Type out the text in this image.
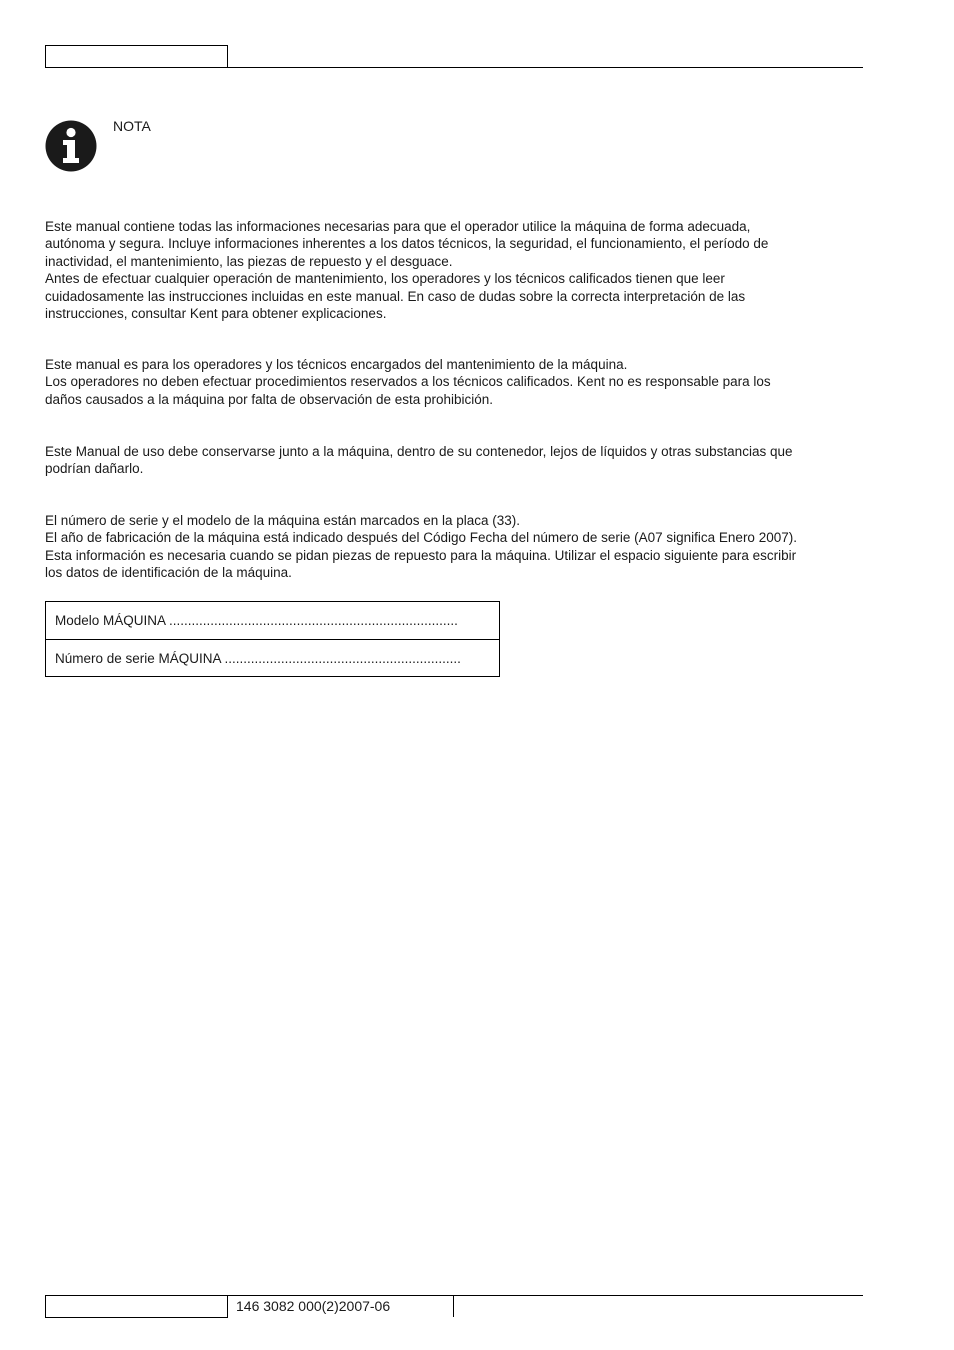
NOTA

Este manual contiene todas las informaciones necesarias para que el operador utilice la máquina de forma adecuada,
autónoma y segura. Incluye informaciones inherentes a los datos técnicos, la seguridad, el funcionamiento, el período de
inactividad, el mantenimiento, las piezas de repuesto y el desguace.
Antes de efectuar cualquier operación de mantenimiento, los operadores y los técnicos calificados tienen que leer
cuidadosamente las instrucciones incluidas en este manual. En caso de dudas sobre la correcta interpretación de las
instrucciones, consultar Kent para obtener explicaciones.

Este manual es para los operadores y los técnicos encargados del mantenimiento de la máquina.
Los operadores no deben efectuar procedimientos reservados a los técnicos calificados. Kent no es responsable para los
daños causados a la máquina por falta de observación de esta prohibición.

Este Manual de uso debe conservarse junto a la máquina, dentro de su contenedor, lejos de líquidos y otras substancias que
podrían dañarlo.

El número de serie y el modelo de la máquina están marcados en la placa (33).
El año de fabricación de la máquina está indicado después del Código Fecha del número de serie (A07 significa Enero 2007).
Esta información es necesaria cuando se pidan piezas de repuesto para la máquina. Utilizar el espacio siguiente para escribir
los datos de identificación de la máquina.

Modelo MÁQUINA .............................................................................
Número de serie MÁQUINA ...............................................................
146 3082 000(2)2007-06
